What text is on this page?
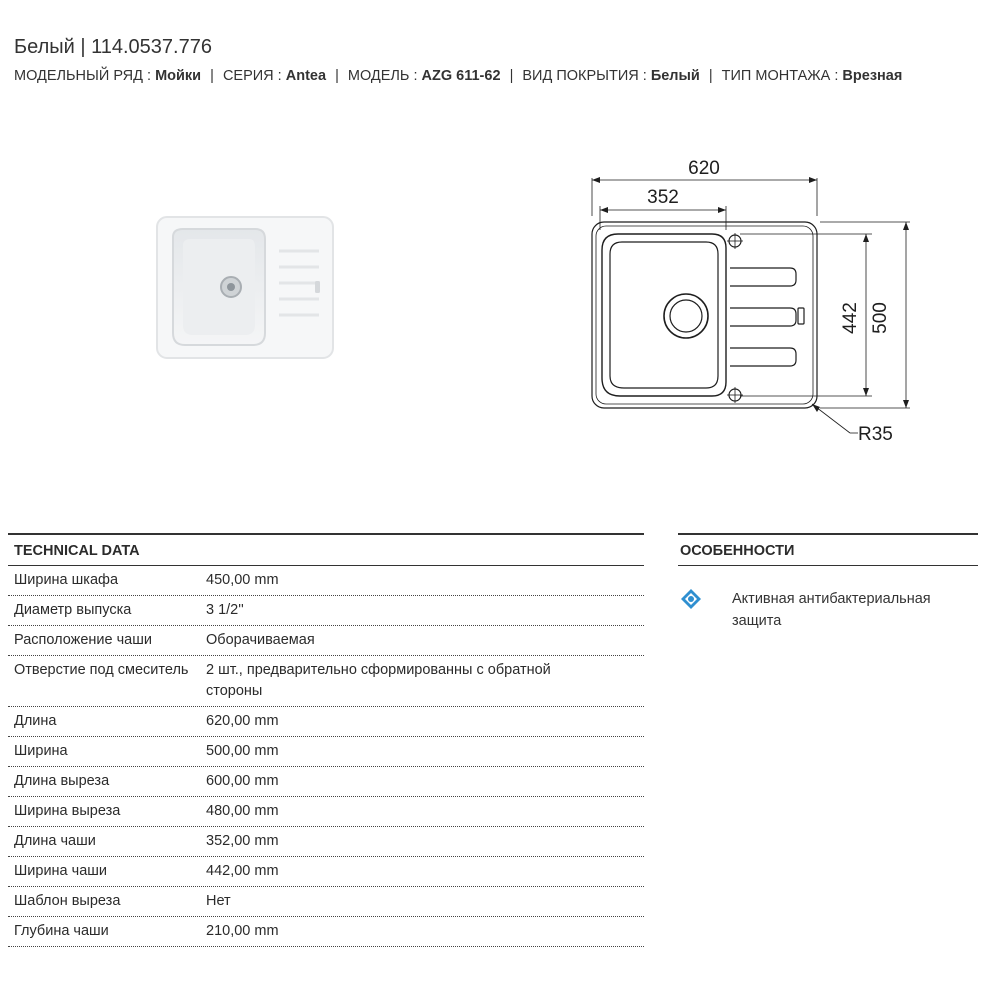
Белый | 114.0537.776
МОДЕЛЬНЫЙ РЯД : Мойки | СЕРИЯ : Antea | МОДЕЛЬ : AZG 611-62 | ВИД ПОКРЫТИЯ : Белый | ТИП МОНТАЖА : Врезная
620
352
442 500
R35
TECHNICAL DATA
Ширина шкафа	450,00 mm
Диаметр выпуска	3 1/2''
Расположение чаши	Оборачиваемая
Отверстие под смеситель	2 шт., предварительно сформированны с обратной стороны
Длина	620,00 mm
Ширина	500,00 mm
Длина выреза	600,00 mm
Ширина выреза	480,00 mm
Длина чаши	352,00 mm
Ширина чаши	442,00 mm
Шаблон выреза	Нет
Глубина чаши	210,00 mm
ОСОБЕННОСТИ
Активная антибактериальная защита
